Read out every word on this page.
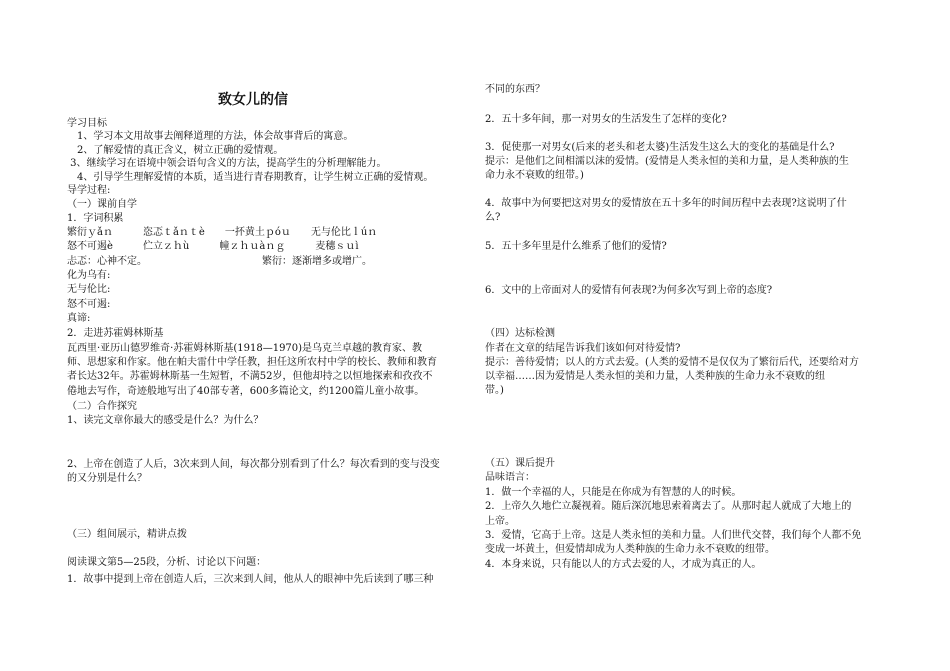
致女儿的信
学习目标
　1、学习本文用故事去阐释道理的方法，体会故事背后的寓意。
　2、了解爱情的真正含义，树立正确的爱情观。
3、继续学习在语境中领会语句含义的方法，提高学生的分析理解能力。
　4、引导学生理解爱情的本质，适当进行青春期教育，让学生树立正确的爱情观。
导学过程:
（一）课前自学
1．字词积累
繁衍ｙǎｎ　　　恣忑ｔǎｎｔè　　一抔黄土ｐóｕ　　无与伦比ｌúｎ
怒不可遏è　　　伫立ｚｈù　　　幢ｚｈｕàｎｇ　　　麦穗ｓｕì
忐忑：心神不定。　　　　　　　　　　　　繁衍：逐渐增多或增广。
化为乌有:
无与伦比:
怒不可遏:
真谛:
2．走进苏霍姆林斯基
瓦西里·亚历山德罗维奇·苏霍姆林斯基(1918—1970)是乌克兰卓越的教育家、教
师、思想家和作家。他在帕夫雷什中学任教，担任这所农村中学的校长、教师和教育
者长达32年。苏霍姆林斯基一生短暂，不满52岁，但他却持之以恒地探索和孜孜不
倦地去写作，奇迹般地写出了40部专著，600多篇论文，约1200篇儿童小故事。
（二）合作探究
1、读完文章你最大的感受是什么？为什么？
2、上帝在创造了人后，3次来到人间，每次都分别看到了什么？每次看到的变与没变
的又分别是什么？
（三）组间展示，精讲点拨
阅读课文第5—25段，分析、讨论以下问题：
1．故事中提到上帝在创造人后，三次来到人间，他从人的眼神中先后读到了哪三种
不同的东西？
2．五十多年间，那一对男女的生活发生了怎样的变化?
3．促使那一对男女(后来的老头和老太婆)生活发生这么大的变化的基础是什么?
提示：是他们之间相濡以沫的爱情。(爱情是人类永恒的美和力量，是人类种族的生
命力永不衰败的纽带。)
4．故事中为何要把这对男女的爱情放在五十多年的时间历程中去表现?这说明了什
么?
5．五十多年里是什么维系了他们的爱情?
6．文中的上帝面对人的爱情有何表现?为何多次写到上帝的态度?
（四）达标检测
作者在文章的结尾告诉我们该如何对待爱情?
提示：善待爱情；以人的方式去爱。(人类的爱情不是仅仅为了繁衍后代，还要给对方
以幸福……因为爱情是人类永恒的美和力量，人类种族的生命力永不衰败的纽
带。)
（五）课后提升
品味语言：
1．做一个幸福的人，只能是在你成为有智慧的人的时候。
2．上帝久久地伫立凝视着。随后深沉地思索着离去了。从那时起人就成了大地上的
上帝。
3．爱情，它高于上帝。这是人类永恒的美和力量。人们世代交替，我们每个人都不免
变成一坏黄土，但爱情却成为人类种族的生命力永不衰败的纽带。
4．本身来说，只有能以人的方式去爱的人，才成为真正的人。
